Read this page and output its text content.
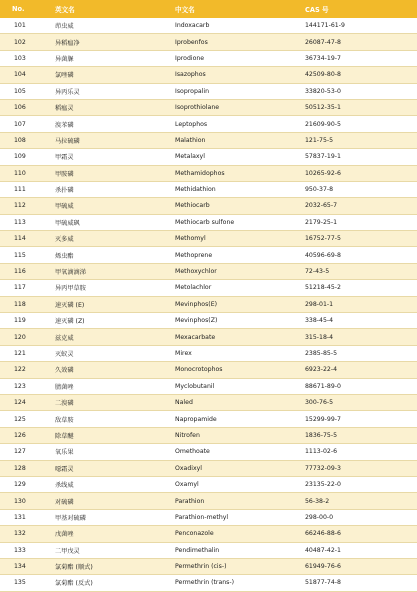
No.	英文名	中文名	CAS 号
101	茚虫威	Indoxacarb	144171-61-9
102	异稻瘟净	Iprobenfos	26087-47-8
103	异菌脲	Iprodione	36734-19-7
104	氯唑磷	Isazophos	42509-80-8
105	异丙乐灵	Isopropalin	33820-53-0
106	稻瘟灵	Isoprothiolane	50512-35-1
107	溴苯磷	Leptophos	21609-90-5
108	马拉硫磷	Malathion	121-75-5
109	甲霜灵	Metalaxyl	57837-19-1
110	甲胺磷	Methamidophos	10265-92-6
111	杀扑磷	Methidathion	950-37-8
112	甲硫威	Methiocarb	2032-65-7
113	甲硫威砜	Methiocarb sulfone	2179-25-1
114	灭多威	Methomyl	16752-77-5
115	烯虫酯	Methoprene	40596-69-8
116	甲氧滴滴涕	Methoxychlor	72-43-5
117	异丙甲草胺	Metolachlor	51218-45-2
118	速灭磷 (E)	Mevinphos(E)	298-01-1
119	速灭磷 (Z)	Mevinphos(Z)	338-45-4
120	兹克威	Mexacarbate	315-18-4
121	灭蚁灵	Mirex	2385-85-5
122	久效磷	Monocrotophos	6923-22-4
123	腈菌唑	Myclobutanil	88671-89-0
124	二溴磷	Naled	300-76-5
125	敌草胺	Napropamide	15299-99-7
126	除草醚	Nitrofen	1836-75-5
127	氧乐果	Omethoate	1113-02-6
128	噁霜灵	Oxadixyl	77732-09-3
129	杀线威	Oxamyl	23135-22-0
130	对硫磷	Parathion	56-38-2
131	甲基对硫磷	Parathion-methyl	298-00-0
132	戊菌唑	Penconazole	66246-88-6
133	二甲戊灵	Pendimethalin	40487-42-1
134	氯菊酯 (顺式)	Permethrin (cis-)	61949-76-6
135	氯菊酯 (反式)	Permethrin (trans-)	51877-74-8
